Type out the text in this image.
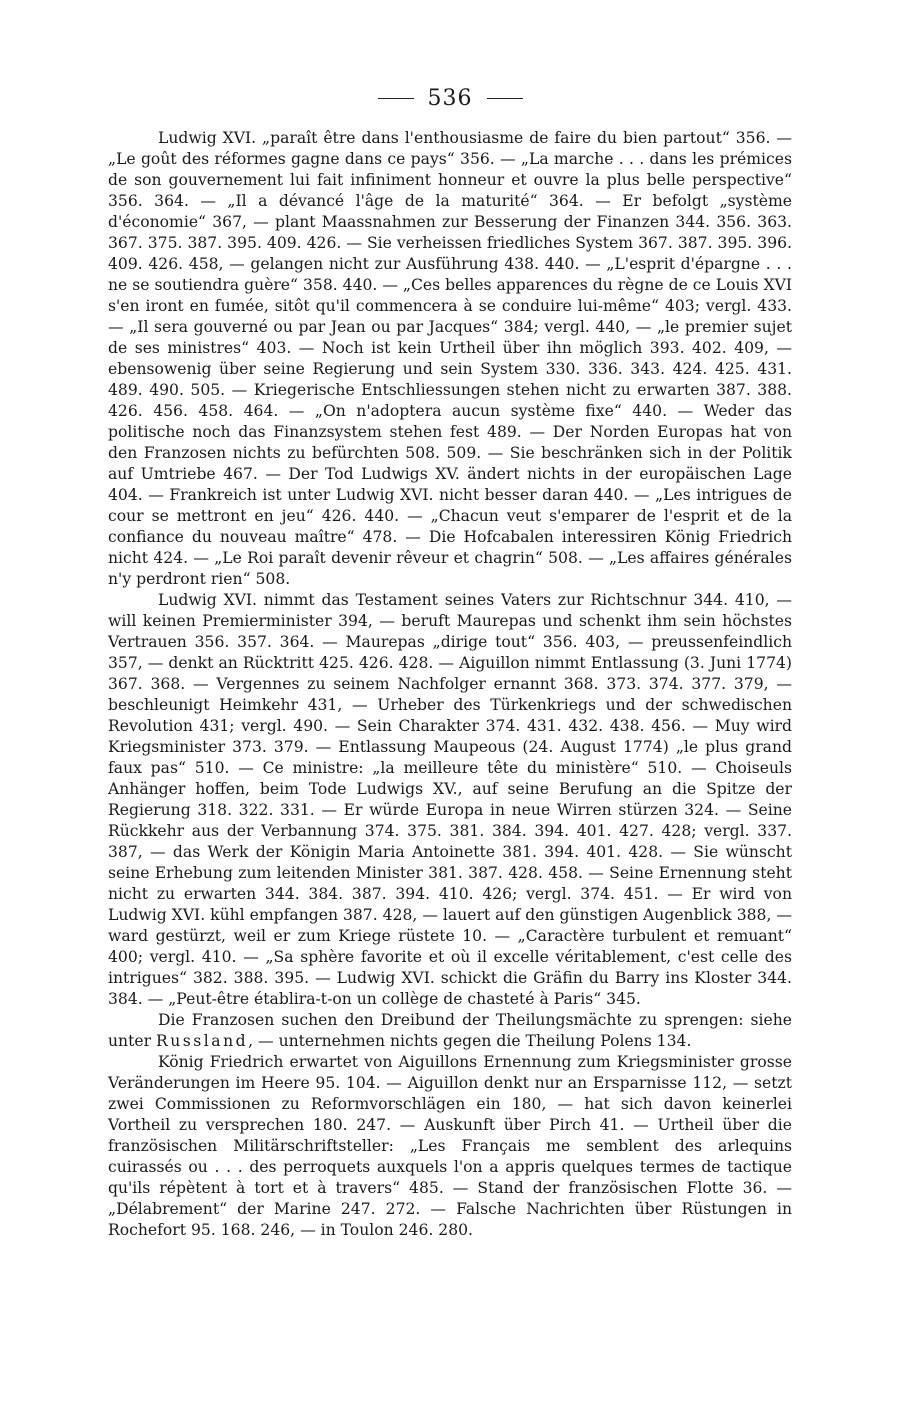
536

Ludwig XVI. „paraît être dans l'enthousiasme de faire du bien partout“ 356. — „Le goût des réformes gagne dans ce pays“ 356. — „La marche . . . dans les prémices de son gouvernement lui fait infiniment honneur et ouvre la plus belle perspective“ 356. 364. — „Il a dévancé l'âge de la maturité“ 364. — Er befolgt „système d'économie“ 367, — plant Maassnahmen zur Besserung der Finanzen 344. 356. 363. 367. 375. 387. 395. 409. 426. — Sie verheissen friedliches System 367. 387. 395. 396. 409. 426. 458, — gelangen nicht zur Ausführung 438. 440. — „L'esprit d'épargne . . . ne se soutiendra guère“ 358. 440. — „Ces belles apparences du règne de ce Louis XVI s'en iront en fumée, sitôt qu'il commencera à se conduire lui-même“ 403; vergl. 433. — „Il sera gouverné ou par Jean ou par Jacques“ 384; vergl. 440, — „le premier sujet de ses ministres“ 403. — Noch ist kein Urtheil über ihn möglich 393. 402. 409, — ebensowenig über seine Regierung und sein System 330. 336. 343. 424. 425. 431. 489. 490. 505. — Kriegerische Entschliessungen stehen nicht zu erwarten 387. 388. 426. 456. 458. 464. — „On n'adoptera aucun système fixe“ 440. — Weder das politische noch das Finanzsystem stehen fest 489. — Der Norden Europas hat von den Franzosen nichts zu befürchten 508. 509. — Sie beschränken sich in der Politik auf Umtriebe 467. — Der Tod Ludwigs XV. ändert nichts in der europäischen Lage 404. — Frankreich ist unter Ludwig XVI. nicht besser daran 440. — „Les intrigues de cour se mettront en jeu“ 426. 440. — „Chacun veut s'emparer de l'esprit et de la confiance du nouveau maître“ 478. — Die Hofcabalen interessiren König Friedrich nicht 424. — „Le Roi paraît devenir rêveur et chagrin“ 508. — „Les affaires générales n'y perdront rien“ 508.

Ludwig XVI. nimmt das Testament seines Vaters zur Richtschnur 344. 410, — will keinen Premierminister 394, — beruft Maurepas und schenkt ihm sein höchstes Vertrauen 356. 357. 364. — Maurepas „dirige tout“ 356. 403, — preussenfeindlich 357, — denkt an Rücktritt 425. 426. 428. — Aiguillon nimmt Entlassung (3. Juni 1774) 367. 368. — Vergennes zu seinem Nachfolger ernannt 368. 373. 374. 377. 379, — beschleunigt Heimkehr 431, — Urheber des Türkenkriegs und der schwedischen Revolution 431; vergl. 490. — Sein Charakter 374. 431. 432. 438. 456. — Muy wird Kriegsminister 373. 379. — Entlassung Maupeous (24. August 1774) „le plus grand faux pas“ 510. — Ce ministre: „la meilleure tête du ministère“ 510. — Choiseuls Anhänger hoffen, beim Tode Ludwigs XV., auf seine Berufung an die Spitze der Regierung 318. 322. 331. — Er würde Europa in neue Wirren stürzen 324. — Seine Rückkehr aus der Verbannung 374. 375. 381. 384. 394. 401. 427. 428; vergl. 337. 387, — das Werk der Königin Maria Antoinette 381. 394. 401. 428. — Sie wünscht seine Erhebung zum leitenden Minister 381. 387. 428. 458. — Seine Ernennung steht nicht zu erwarten 344. 384. 387. 394. 410. 426; vergl. 374. 451. — Er wird von Ludwig XVI. kühl empfangen 387. 428, — lauert auf den günstigen Augenblick 388, — ward gestürzt, weil er zum Kriege rüstete 10. — „Caractère turbulent et remuant“ 400; vergl. 410. — „Sa sphère favorite et où il excelle véritablement, c'est celle des intrigues“ 382. 388. 395. — Ludwig XVI. schickt die Gräfin du Barry ins Kloster 344. 384. — „Peut-être établira-t-on un collège de chasteté à Paris“ 345.

Die Franzosen suchen den Dreibund der Theilungsmächte zu sprengen: siehe unter Russland, — unternehmen nichts gegen die Theilung Polens 134.

König Friedrich erwartet von Aiguillons Ernennung zum Kriegsminister grosse Veränderungen im Heere 95. 104. — Aiguillon denkt nur an Ersparnisse 112, — setzt zwei Commissionen zu Reformvorschlägen ein 180, — hat sich davon keinerlei Vortheil zu versprechen 180. 247. — Auskunft über Pirch 41. — Urtheil über die französischen Militärschriftsteller: „Les Français me semblent des arlequins cuirassés ou . . . des perroquets auxquels l'on a appris quelques termes de tactique qu'ils répètent à tort et à travers“ 485. — Stand der französischen Flotte 36. — „Délabrement“ der Marine 247. 272. — Falsche Nachrichten über Rüstungen in Rochefort 95. 168. 246, — in Toulon 246. 280.
